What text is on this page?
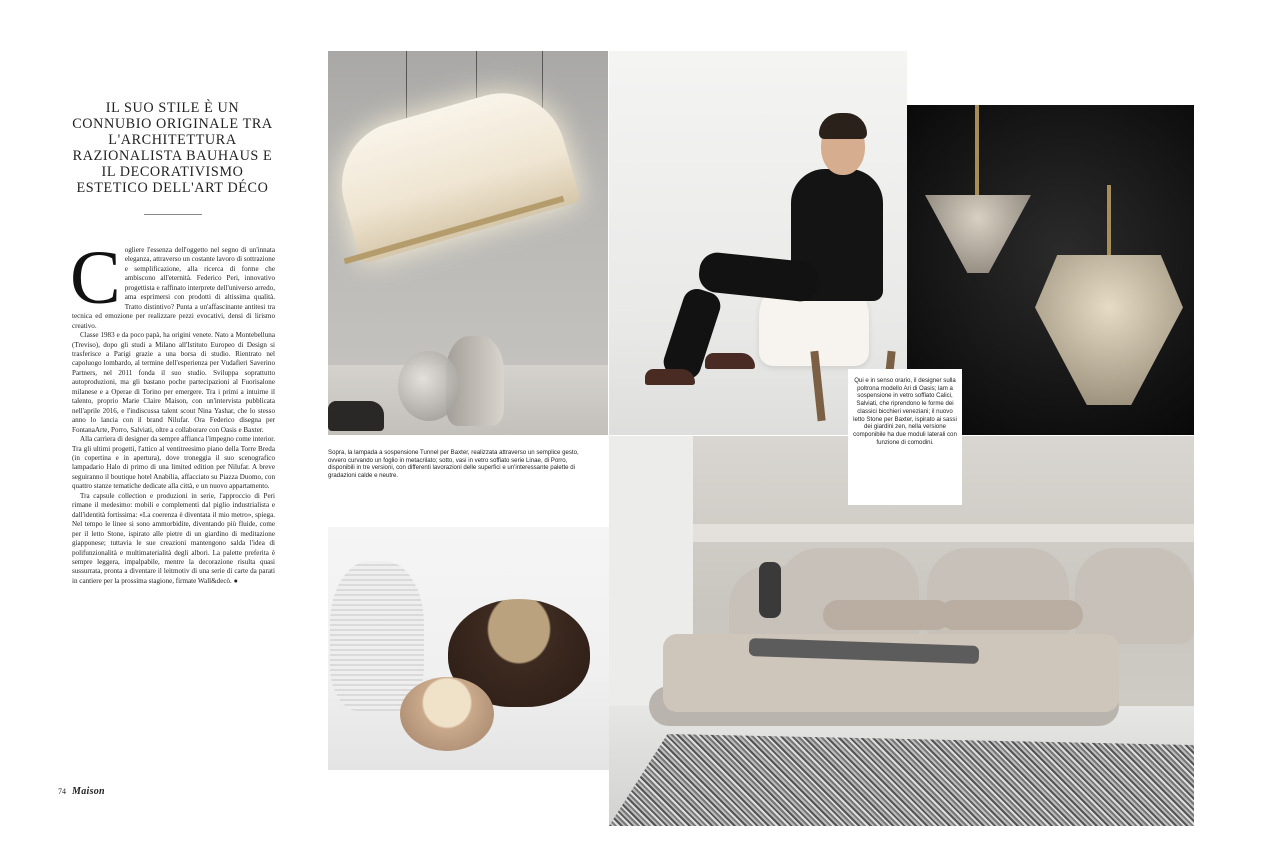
IL SUO STILE È UN CONNUBIO ORIGINALE TRA L'ARCHITETTURA RAZIONALISTA BAUHAUS E IL DECORATIVISMO ESTETICO DELL'ART DÉCO
C ogliere l'essenza dell'oggetto nel segno di un'innata eleganza, attraverso un costante lavoro di sottrazione e semplificazione, alla ricerca di forme che ambiscono all'eternità. Federico Peri, innovativo progettista e raffinato interprete dell'universo arredo, ama esprimersi con prodotti di altissima qualità. Tratto distintivo? Punta a un'affascinante antitesi tra tecnica ed emozione per realizzare pezzi evocativi, densi di lirismo creativo.

Classe 1983 e da poco papà, ha origini venete. Nato a Montebelluna (Treviso), dopo gli studi a Milano all'Istituto Europeo di Design si trasferisce a Parigi grazie a una borsa di studio. Rientrato nel capoluogo lombardo, al termine dell'esperienza per Vudafieri Saverino Partners, nel 2011 fonda il suo studio. Sviluppa soprattutto autoproduzioni, ma gli bastano poche partecipazioni al Fuorisalone milanese e a Operae di Torino per emergere. Tra i primi a intuirne il talento, proprio Marie Claire Maison, con un'intervista pubblicata nell'aprile 2016, e l'indiscussa talent scout Nina Yashar, che lo stesso anno lo lancia con il brand Nilufar. Ora Federico disegna per FontanaArte, Porro, Salviati, oltre a collaborare con Oasis e Baxter.

Alla carriera di designer da sempre affianca l'impegno come interior. Tra gli ultimi progetti, l'attico al ventitreesimo piano della Torre Breda (in copertina e in apertura), dove troneggia il suo scenografico lampadario Halo di primo di una limited edition per Nilufar. A breve seguiranno il boutique hotel Anabilia, affacciato su Piazza Duomo, con quattro stanze tematiche dedicate alla città, e un nuovo appartamento.

Tra capsule collection e produzioni in serie, l'approccio di Peri rimane il medesimo: mobili e complementi dal piglio industrialista e dall'identità fortissima: «La coerenza è diventata il mio metro», spiega. Nel tempo le linee si sono ammorbidite, diventando più fluide, come per il letto Stone, ispirato alle pietre di un giardino di meditazione giapponese; tuttavia le sue creazioni mantengono salda l'idea di polifunzionalità e multimaterialità degli albori. La palette preferita è sempre leggera, impalpabile, mentre la decorazione risulta quasi sussurrata, pronta a diventare il leitmotiv di una serie di carte da parati in cantiere per la prossima stagione, firmate Wall&decò. ●

74 Maison
Qui e in senso orario, il designer sulla poltrona modello Ari di Oasis; lam a sospensione in vetro soffiato Calici, Salviati, che riprendono le forme dei classici bicchieri veneziani; il nuovo letto Stone per Baxter, ispirato ai sassi dei giardini zen, nella versione componibile ha due moduli laterali con funzione di comodini.
Sopra, la lampada a sospensione Tunnel per Baxter, realizzata attraverso un semplice gesto, ovvero curvando un foglio in metacrilato; sotto, vasi in vetro soffiato serie Linae, di Porro, disponibili in tre versioni, con differenti lavorazioni delle superfici e un'interessante palette di gradazioni calde e neutre.
